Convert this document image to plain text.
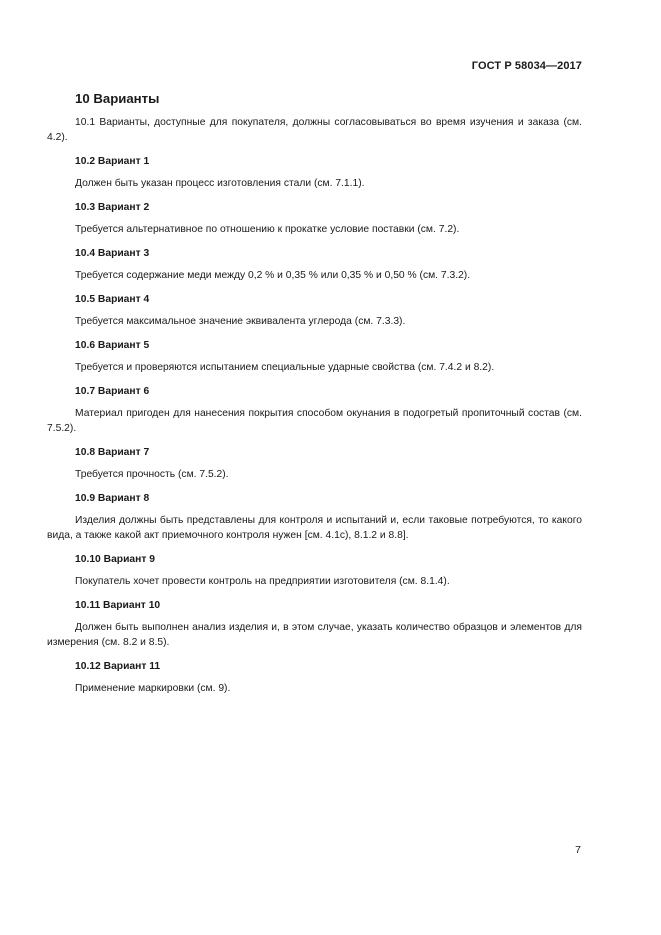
ГОСТ Р 58034—2017
10 Варианты

10.1 Варианты, доступные для покупателя, должны согласовываться во время изучения и заказа (см. 4.2).

10.2 Вариант 1

Должен быть указан процесс изготовления стали (см. 7.1.1).

10.3 Вариант 2

Требуется альтернативное по отношению к прокатке условие поставки (см. 7.2).

10.4 Вариант 3

Требуется содержание меди между 0,2 % и 0,35 % или 0,35 % и 0,50 % (см. 7.3.2).

10.5 Вариант 4

Требуется максимальное значение эквивалента углерода (см. 7.3.3).

10.6 Вариант 5

Требуется и проверяются испытанием специальные ударные свойства (см. 7.4.2 и 8.2).

10.7 Вариант 6

Материал пригоден для нанесения покрытия способом окунания в подогретый пропиточный состав (см. 7.5.2).

10.8 Вариант 7

Требуется прочность (см. 7.5.2).

10.9 Вариант 8

Изделия должны быть представлены для контроля и испытаний и, если таковые потребуются, то какого вида, а также какой акт приемочного контроля нужен [см. 4.1с), 8.1.2 и 8.8].

10.10 Вариант 9

Покупатель хочет провести контроль на предприятии изготовителя (см. 8.1.4).

10.11 Вариант 10

Должен быть выполнен анализ изделия и, в этом случае, указать количество образцов и элементов для измерения (см. 8.2 и 8.5).

10.12 Вариант 11

Применение маркировки (см. 9).

7
